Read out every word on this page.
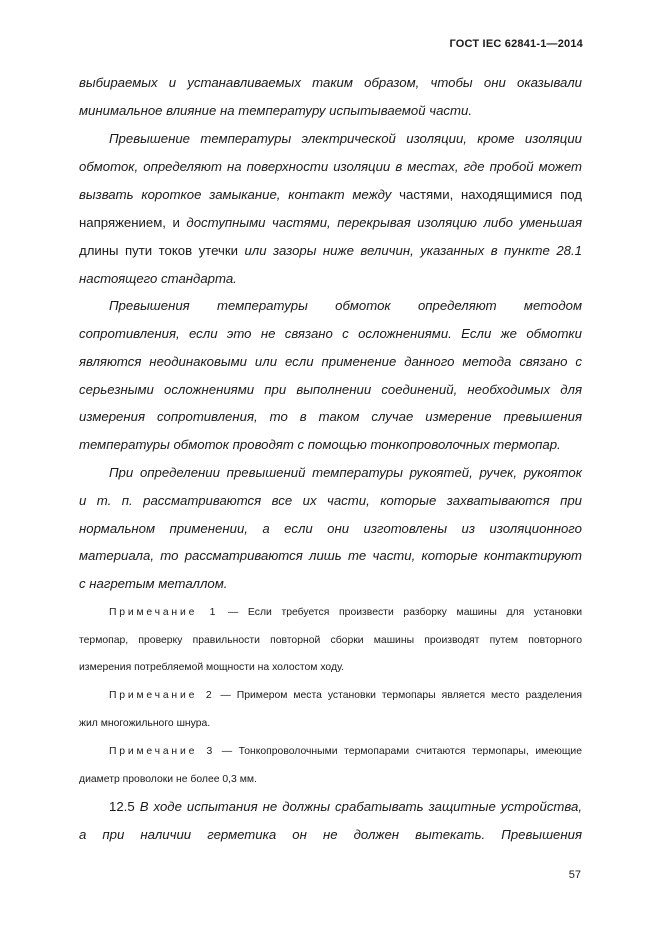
ГОСТ IEC 62841-1—2014
выбираемых и устанавливаемых таким образом, чтобы они оказывали
минимальное влияние на температуру испытываемой части.
Превышение температуры электрической изоляции, кроме изоляции
обмоток, определяют на поверхности изоляции в местах, где пробой может
вызвать короткое замыкание, контакт между частями, находящимися под
напряжением, и доступными частями, перекрывая изоляцию либо уменьшая
длины пути токов утечки или зазоры ниже величин, указанных в пункте 28.1
настоящего стандарта.
Превышения температуры обмоток определяют методом
сопротивления, если это не связано с осложнениями. Если же обмотки
являются неодинаковыми или если применение данного метода связано с
серьезными осложнениями при выполнении соединений, необходимых для
измерения сопротивления, то в таком случае измерение превышения
температуры обмоток проводят с помощью тонкопроволочных термопар.
При определении превышений температуры рукоятей, ручек, рукояток
и т. п. рассматриваются все их части, которые захватываются при
нормальном применении, а если они изготовлены из изоляционного
материала, то рассматриваются лишь те части, которые контактируют
с нагретым металлом.
Примечание 1 — Если требуется произвести разборку машины для установки
термопар, проверку правильности повторной сборки машины производят путем повторного
измерения потребляемой мощности на холостом ходу.
Примечание 2 — Примером места установки термопары является место разделения
жил многожильного шнура.
Примечание 3 — Тонкопроволочными термопарами считаются термопары, имеющие
диаметр проволоки не более 0,3 мм.
12.5 В ходе испытания не должны срабатывать защитные устройства,
а при наличии герметика он не должен вытекать. Превышения
57
